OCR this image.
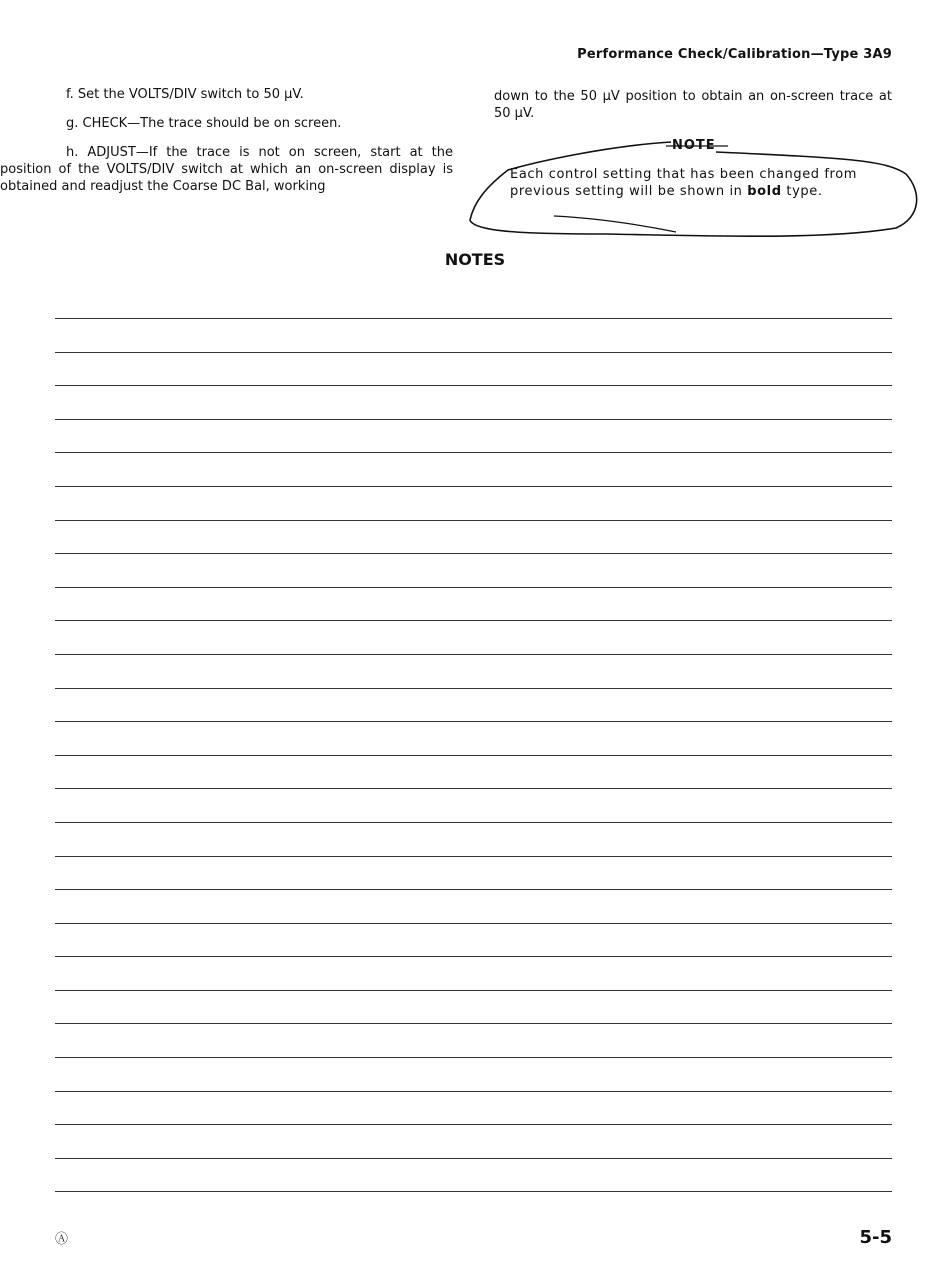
Performance Check/Calibration—Type 3A9

f. Set the VOLTS/DIV switch to 50 μV.

g. CHECK—The trace should be on screen.

h. ADJUST—If the trace is not on screen, start at the position of the VOLTS/DIV switch at which an on-screen display is obtained and readjust the Coarse DC Bal, working

down to the 50 μV position to obtain an on-screen trace at 50 μV.

NOTE
Each control setting that has been changed from previous setting will be shown in bold type.
NOTES
Ⓐ	5-5
